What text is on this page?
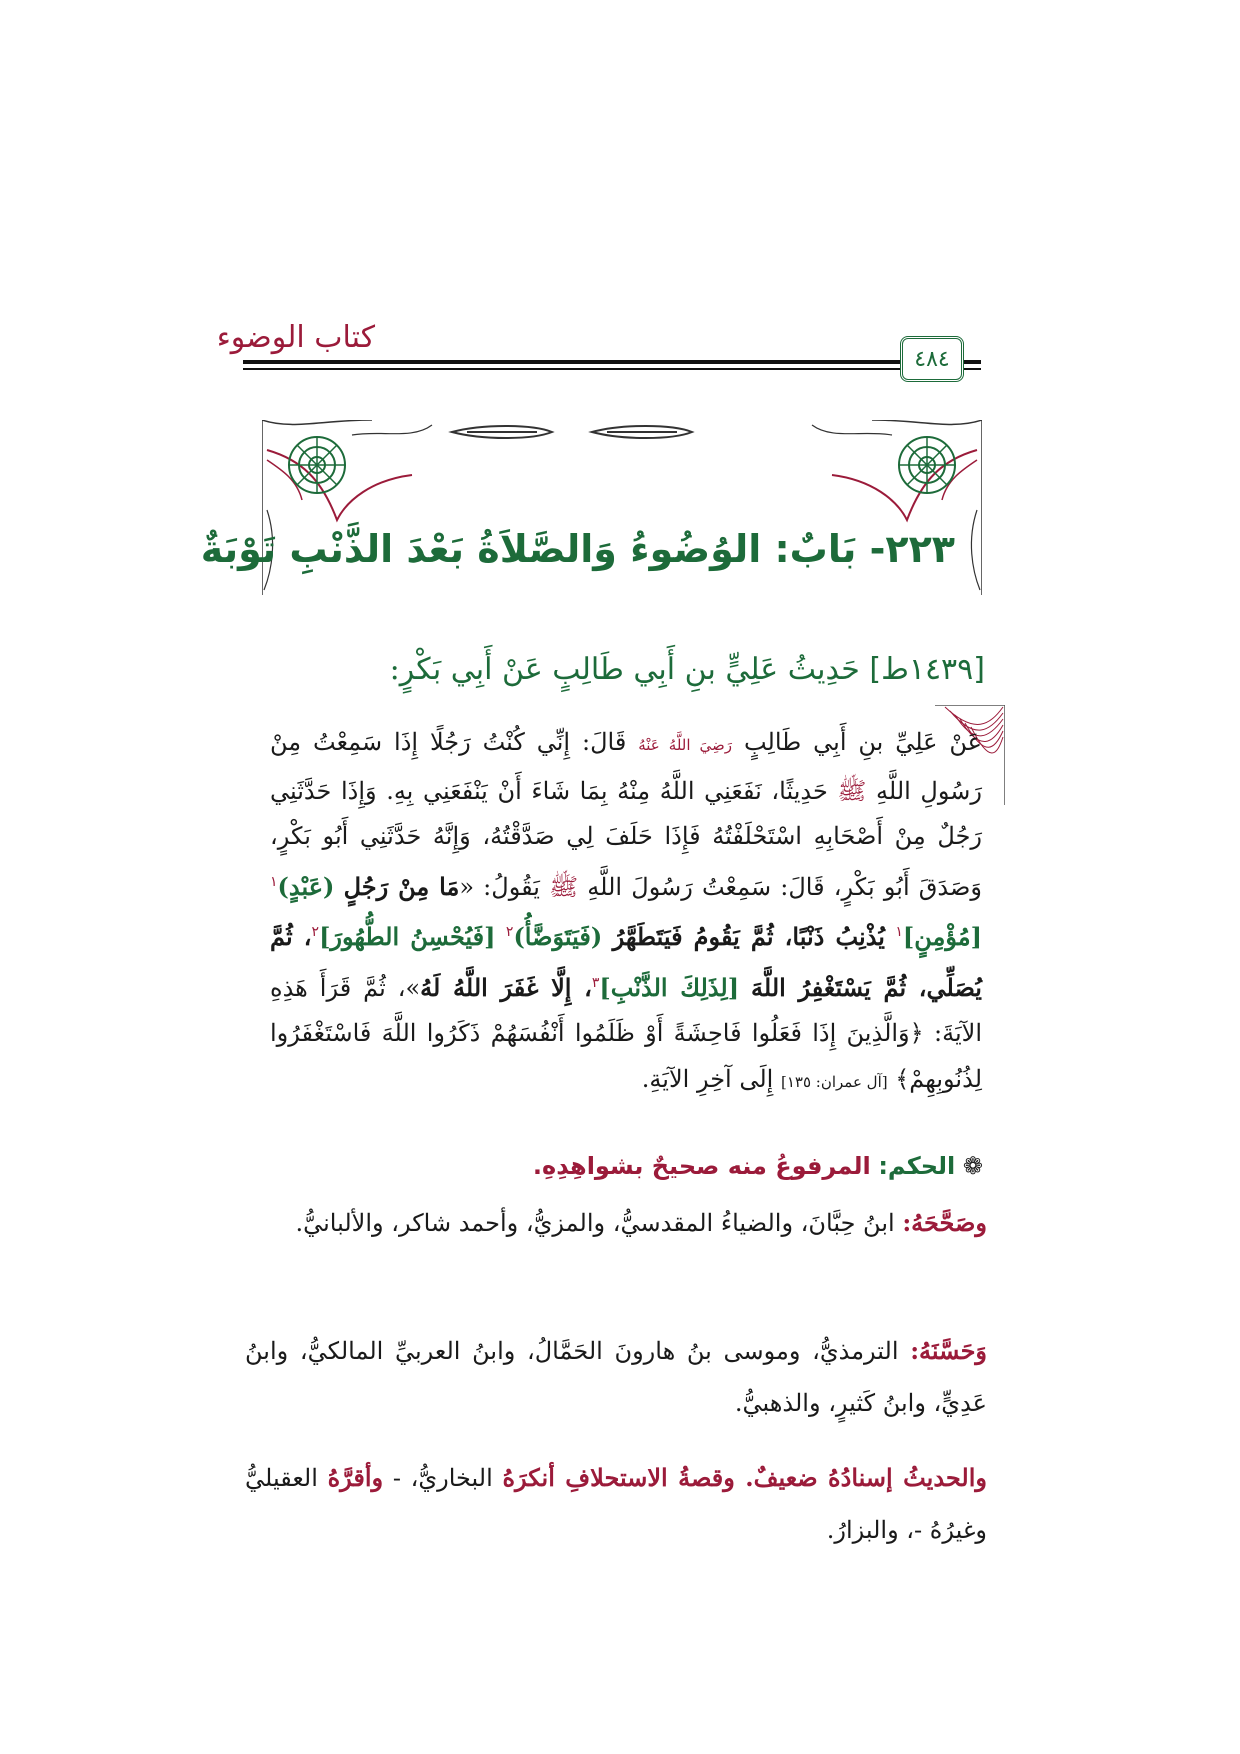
كتاب الوضوء
٤٨٤
٢٢٣- بَابٌ: الوُضُوءُ وَالصَّلاَةُ بَعْدَ الذَّنْبِ تَوْبَةٌ
[١٤٣٩ط] حَدِيثُ عَلِيٍّ بنِ أَبِي طَالِبٍ عَنْ أَبِي بَكْرٍ:
عَنْ عَلِيِّ بنِ أَبِي طَالِبٍ رَضِيَ اللَّهُ عَنْهُ قَالَ: إِنِّي كُنْتُ رَجُلًا إِذَا سَمِعْتُ مِنْ رَسُولِ اللَّهِ ﷺ حَدِيثًا، نَفَعَنِي اللَّهُ مِنْهُ بِمَا شَاءَ أَنْ يَنْفَعَنِي بِهِ. وَإِذَا حَدَّثَنِي رَجُلٌ مِنْ أَصْحَابِهِ اسْتَحْلَفْتُهُ فَإِذَا حَلَفَ لِي صَدَّقْتُهُ، وَإِنَّهُ حَدَّثَنِي أَبُو بَكْرٍ، وَصَدَقَ أَبُو بَكْرٍ، قَالَ: سَمِعْتُ رَسُولَ اللَّهِ ﷺ يَقُولُ: «مَا مِنْ رَجُلٍ (عَبْدٍ)$^١$ [مُؤْمِنٍ]$^١$ يُذْنِبُ ذَنْبًا، ثُمَّ يَقُومُ فَيَتَطَهَّرُ (فَيَتَوَضَّأُ)$^٢$ [فَيُحْسِنُ الطُّهُورَ]$^٢$، ثُمَّ يُصَلِّي، ثُمَّ يَسْتَغْفِرُ اللَّهَ [لِذَلِكَ الذَّنْبِ]$^٣$، إِلَّا غَفَرَ اللَّهُ لَهُ»، ثُمَّ قَرَأَ هَذِهِ الآيَةَ: ﴿وَالَّذِينَ إِذَا فَعَلُوا فَاحِشَةً أَوْ ظَلَمُوا أَنْفُسَهُمْ ذَكَرُوا اللَّهَ فَاسْتَغْفَرُوا لِذُنُوبِهِمْ﴾ [آل عمران: ١٣٥] إِلَى آخِرِ الآيَةِ.
❁ الحكم: المرفوعُ منه صحيحٌ بشواهِدِهِ.
وصَحَّحَهُ: ابنُ حِبَّانَ، والضياءُ المقدسيُّ، والمزيُّ، وأحمد شاكر، والألبانيُّ.
وَحَسَّنَهُ: الترمذيُّ، وموسى بنُ هارونَ الحَمَّالُ، وابنُ العربيِّ المالكيُّ، وابنُ عَدِيٍّ، وابنُ كَثيرٍ، والذهبيُّ.
والحديثُ إسنادُهُ ضعيفٌ. وقصةُ الاستحلافِ أنكرَهُ البخاريُّ، - وأقرَّهُ العقيليُّ وغيرُهُ -، والبزارُ.
